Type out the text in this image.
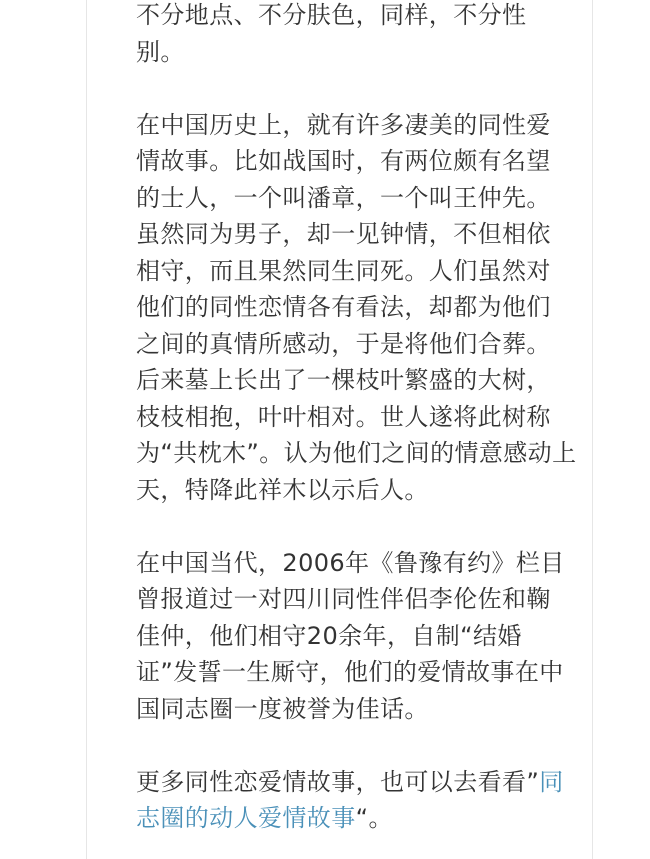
不分地点、不分肤色，同样，不分性
别。

在中国历史上，就有许多凄美的同性爱
情故事。比如战国时，有两位颇有名望
的士人，一个叫潘章，一个叫王仲先。
虽然同为男子，却一见钟情，不但相依
相守，而且果然同生同死。人们虽然对
他们的同性恋情各有看法，却都为他们
之间的真情所感动，于是将他们合葬。
后来墓上长出了一棵枝叶繁盛的大树，
枝枝相抱，叶叶相对。世人遂将此树称
为“共枕木”。认为他们之间的情意感动上
天，特降此祥木以示后人。

在中国当代，2006年《鲁豫有约》栏目
曾报道过一对四川同性伴侣李伦佐和鞠
佳仲，他们相守20余年，自制“结婚
证”发誓一生厮守，他们的爱情故事在中
国同志圈一度被誉为佳话。

更多同性恋爱情故事，也可以去看看”同
志圈的动人爱情故事“。
